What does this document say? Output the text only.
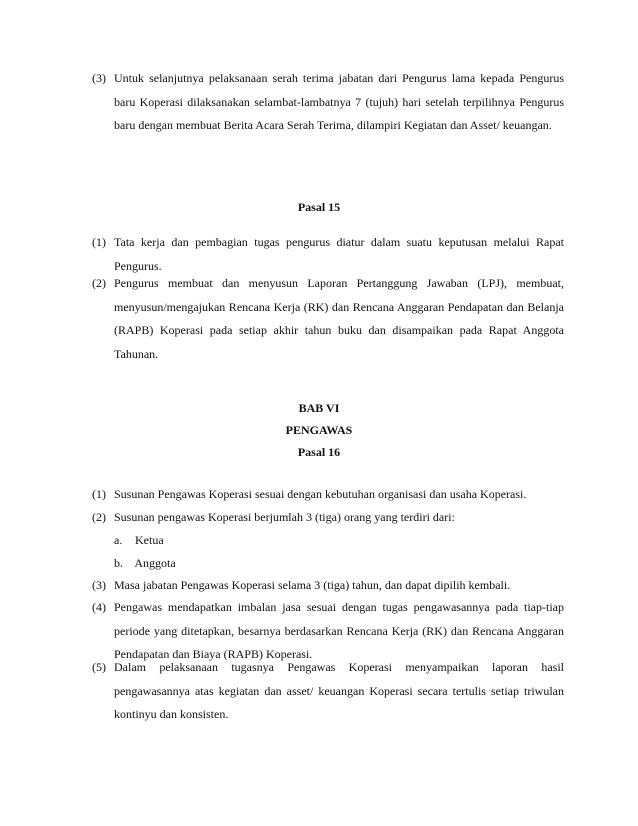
(3) Untuk selanjutnya pelaksanaan serah terima jabatan dari Pengurus lama kepada Pengurus baru Koperasi dilaksanakan selambat-lambatnya 7 (tujuh) hari setelah terpilihnya Pengurus baru dengan membuat Berita Acara Serah Terima, dilampiri Kegiatan dan Asset/ keuangan.
Pasal 15
(1) Tata kerja dan pembagian tugas pengurus diatur dalam suatu keputusan melalui Rapat Pengurus.
(2) Pengurus membuat dan menyusun Laporan Pertanggung Jawaban (LPJ), membuat, menyusun/mengajukan Rencana Kerja (RK) dan Rencana Anggaran Pendapatan dan Belanja (RAPB) Koperasi pada setiap akhir tahun buku dan disampaikan pada Rapat Anggota Tahunan.
BAB VI
PENGAWAS
Pasal 16
(1) Susunan Pengawas Koperasi sesuai dengan kebutuhan organisasi dan usaha Koperasi.
(2) Susunan pengawas Koperasi berjumlah 3 (tiga) orang yang terdiri dari:
a. Ketua
b. Anggota
(3) Masa jabatan Pengawas Koperasi selama 3 (tiga) tahun, dan dapat dipilih kembali.
(4) Pengawas mendapatkan imbalan jasa sesuai dengan tugas pengawasannya pada tiap-tiap periode yang ditetapkan, besarnya berdasarkan Rencana Kerja (RK) dan Rencana Anggaran Pendapatan dan Biaya (RAPB) Koperasi.
(5) Dalam pelaksanaan tugasnya Pengawas Koperasi menyampaikan laporan hasil pengawasannya atas kegiatan dan asset/ keuangan Koperasi secara tertulis setiap triwulan kontinyu dan konsisten.
